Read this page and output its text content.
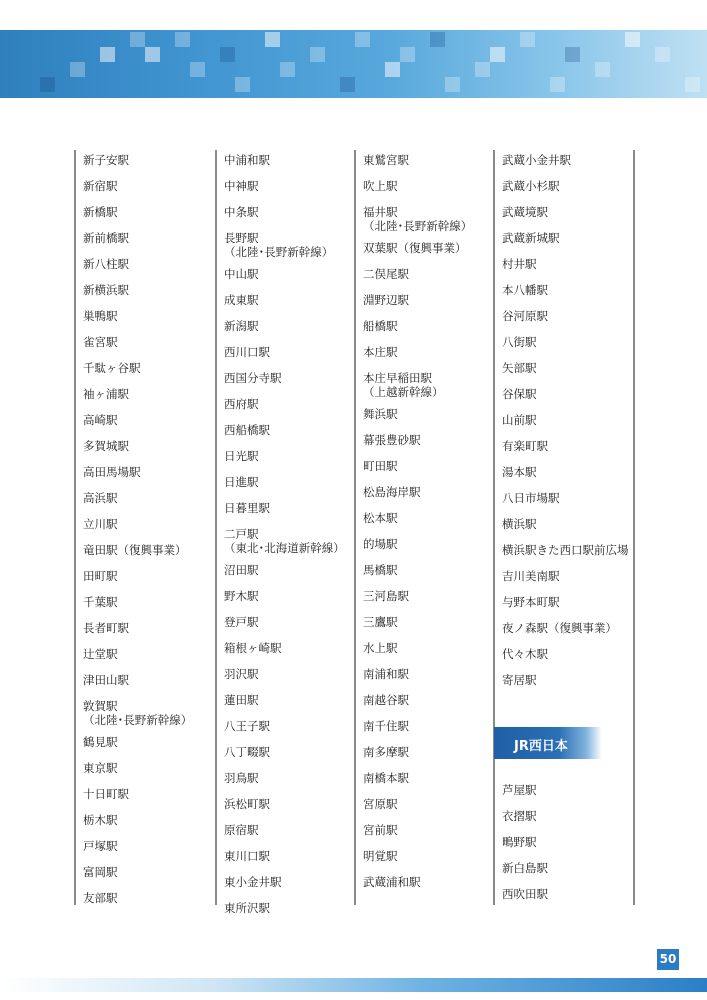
新子安駅
新宿駅
新橋駅
新前橋駅
新八柱駅
新横浜駅
巣鴨駅
雀宮駅
千駄ヶ谷駅
袖ヶ浦駅
高崎駅
多賀城駅
高田馬場駅
高浜駅
立川駅
竜田駅（復興事業）
田町駅
千葉駅
長者町駅
辻堂駅
津田山駅
敦賀駅
（北陸･長野新幹線）
鶴見駅
東京駅
十日町駅
栃木駅
戸塚駅
富岡駅
友部駅
中浦和駅
中神駅
中条駅
長野駅
（北陸･長野新幹線）
中山駅
成東駅
新潟駅
西川口駅
西国分寺駅
西府駅
西船橋駅
日光駅
日進駅
日暮里駅
二戸駅
（東北･北海道新幹線）
沼田駅
野木駅
登戸駅
箱根ヶ崎駅
羽沢駅
蓮田駅
八王子駅
八丁畷駅
羽鳥駅
浜松町駅
原宿駅
東川口駅
東小金井駅
東所沢駅
東鷲宮駅
吹上駅
福井駅
（北陸･長野新幹線）
双葉駅（復興事業）
二俣尾駅
淵野辺駅
船橋駅
本庄駅
本庄早稲田駅
（上越新幹線）
舞浜駅
幕張豊砂駅
町田駅
松島海岸駅
松本駅
的場駅
馬橋駅
三河島駅
三鷹駅
水上駅
南浦和駅
南越谷駅
南千住駅
南多摩駅
南橋本駅
宮原駅
宮前駅
明覚駅
武蔵浦和駅
武蔵小金井駅
武蔵小杉駅
武蔵境駅
武蔵新城駅
村井駅
本八幡駅
谷河原駅
八街駅
矢部駅
谷保駅
山前駅
有楽町駅
湯本駅
八日市場駅
横浜駅
横浜駅きた西口駅前広場
吉川美南駅
与野本町駅
夜ノ森駅（復興事業）
代々木駅
寄居駅
芦屋駅
衣摺駅
鴫野駅
新白島駅
西吹田駅
JR西日本
50
